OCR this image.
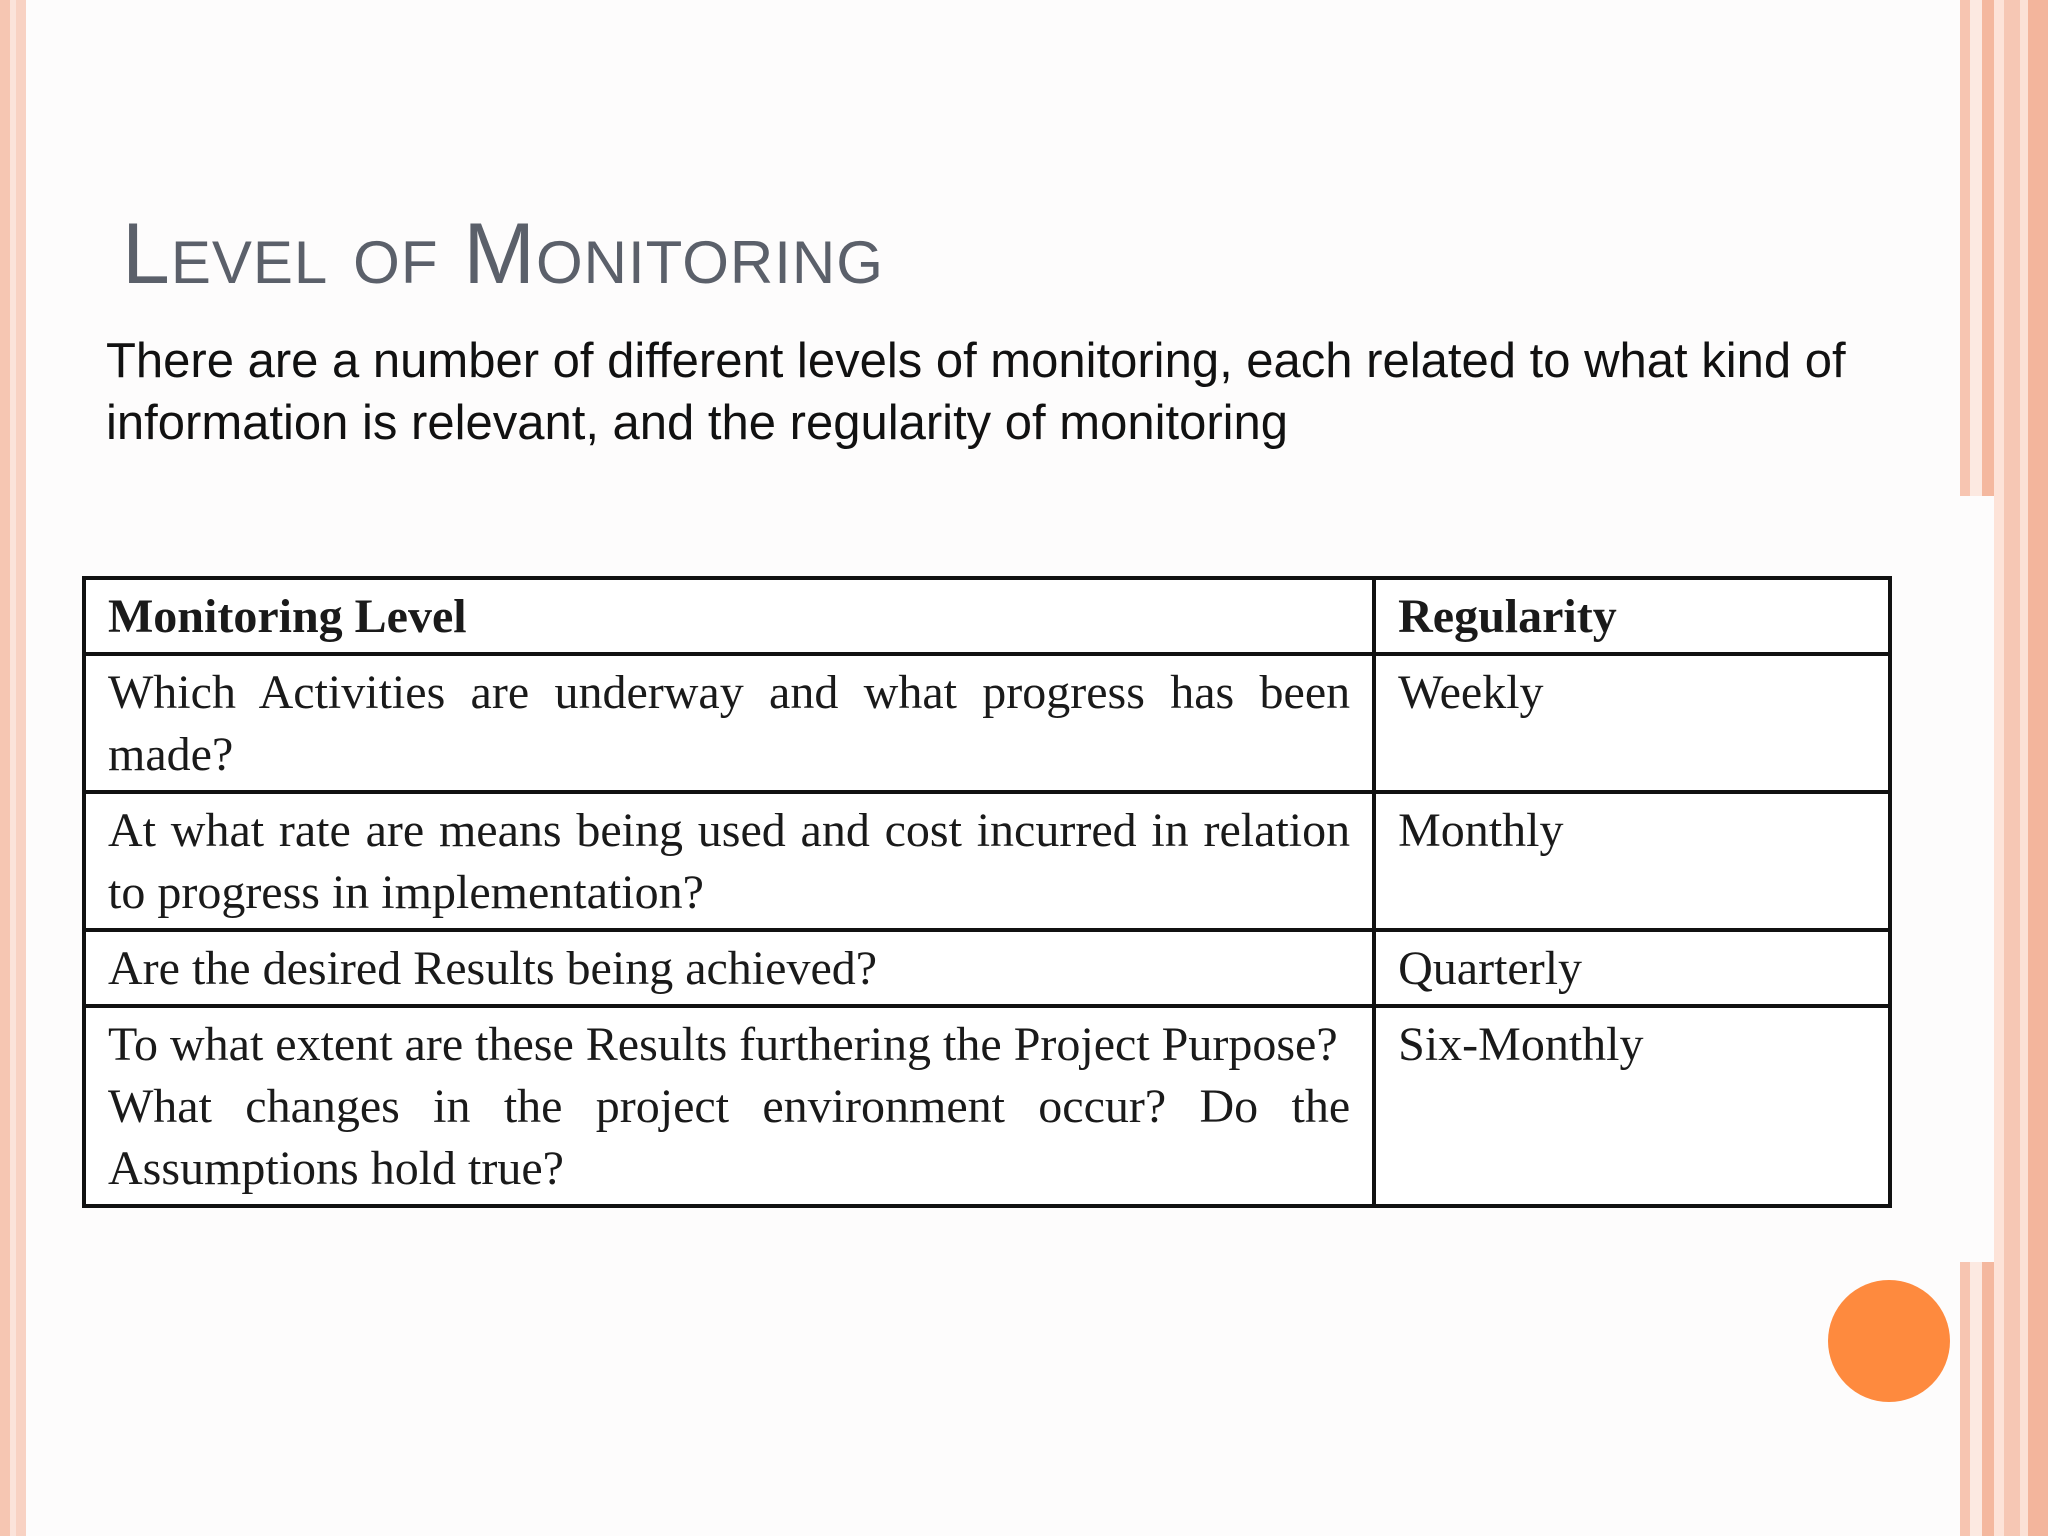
Level of Monitoring
There are a number of different levels of monitoring, each related to what kind of information is relevant, and the regularity of monitoring
Monitoring Level	Regularity

Which Activities are underway and what progress has been made?	Weekly

At what rate are means being used and cost incurred in relation to progress in implementation?	Monthly

Are the desired Results being achieved?	Quarterly

To what extent are these Results furthering the Project Purpose?
What changes in the project environment occur? Do the Assumptions hold true?	Six-Monthly
